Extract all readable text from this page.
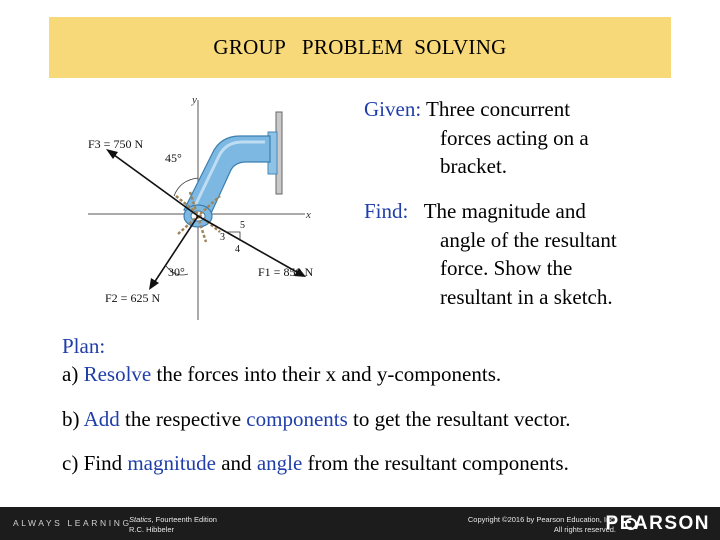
GROUP   PROBLEM  SOLVING
y
x
F3 = 750 N
45°
F1 = 850 N
5
3
4
F2 = 625 N
30°
Given: Three concurrent
forces acting on a
bracket.
Find: The magnitude and
angle of the resultant
force. Show the
resultant in a sketch.
Plan:
a) Resolve the forces into their x and y-components.
b) Add the respective components to get the resultant vector.
c) Find magnitude and angle from the resultant components.
ALWAYS LEARNING
Statics, Fourteenth Edition
R.C. Hibbeler
Copyright ©2016 by Pearson Education, Inc.
All rights reserved.
PEARSON
